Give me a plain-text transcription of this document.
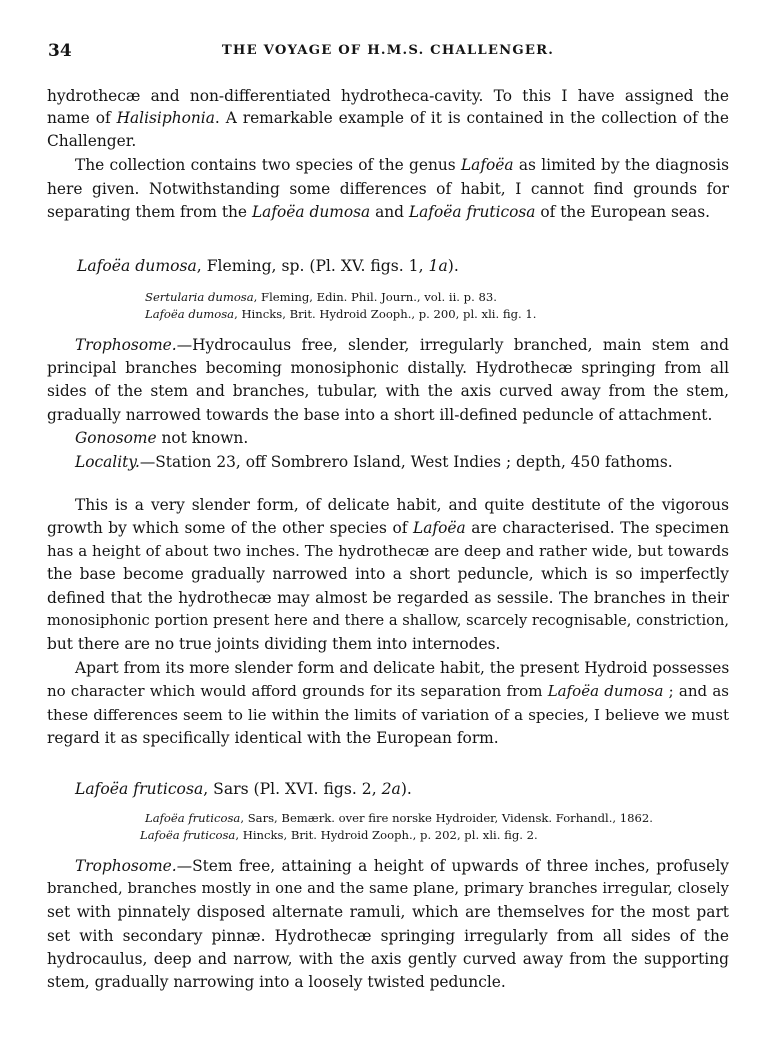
34	THE VOYAGE OF H.M.S. CHALLENGER.
hydrothecæ and non-differentiated hydrotheca-cavity. To this I have assigned the
name of Halisiphonia. A remarkable example of it is contained in the collection of the
Challenger.
The collection contains two species of the genus Lafoëa as limited by the diagnosis
here given. Notwithstanding some differences of habit, I cannot find grounds for
separating them from the Lafoëa dumosa and Lafoëa fruticosa of the European seas.
Lafoëa dumosa, Fleming, sp. (Pl. XV. figs. 1, 1a).
Sertularia dumosa, Fleming, Edin. Phil. Journ., vol. ii. p. 83.
Lafoëa dumosa, Hincks, Brit. Hydroid Zooph., p. 200, pl. xli. fig. 1.
Trophosome.—Hydrocaulus free, slender, irregularly branched, main stem and
principal branches becoming monosiphonic distally. Hydrothecæ springing from all
sides of the stem and branches, tubular, with the axis curved away from the stem,
gradually narrowed towards the base into a short ill-defined peduncle of attachment.
Gonosome not known.
Locality.—Station 23, off Sombrero Island, West Indies ; depth, 450 fathoms.
This is a very slender form, of delicate habit, and quite destitute of the vigorous
growth by which some of the other species of Lafoëa are characterised. The specimen
has a height of about two inches. The hydrothecæ are deep and rather wide, but towards
the base become gradually narrowed into a short peduncle, which is so imperfectly
defined that the hydrothecæ may almost be regarded as sessile. The branches in their
monosiphonic portion present here and there a shallow, scarcely recognisable, constriction,
but there are no true joints dividing them into internodes.
Apart from its more slender form and delicate habit, the present Hydroid possesses
no character which would afford grounds for its separation from Lafoëa dumosa ; and as
these differences seem to lie within the limits of variation of a species, I believe we must
regard it as specifically identical with the European form.
Lafoëa fruticosa, Sars (Pl. XVI. figs. 2, 2a).
Lafoëa fruticosa, Sars, Bemærk. over fire norske Hydroider, Vidensk. Forhandl., 1862.
Lafoëa fruticosa, Hincks, Brit. Hydroid Zooph., p. 202, pl. xli. fig. 2.
Trophosome.—Stem free, attaining a height of upwards of three inches, profusely
branched, branches mostly in one and the same plane, primary branches irregular, closely
set with pinnately disposed alternate ramuli, which are themselves for the most part
set with secondary pinnæ. Hydrothecæ springing irregularly from all sides of the
hydrocaulus, deep and narrow, with the axis gently curved away from the supporting
stem, gradually narrowing into a loosely twisted peduncle.
